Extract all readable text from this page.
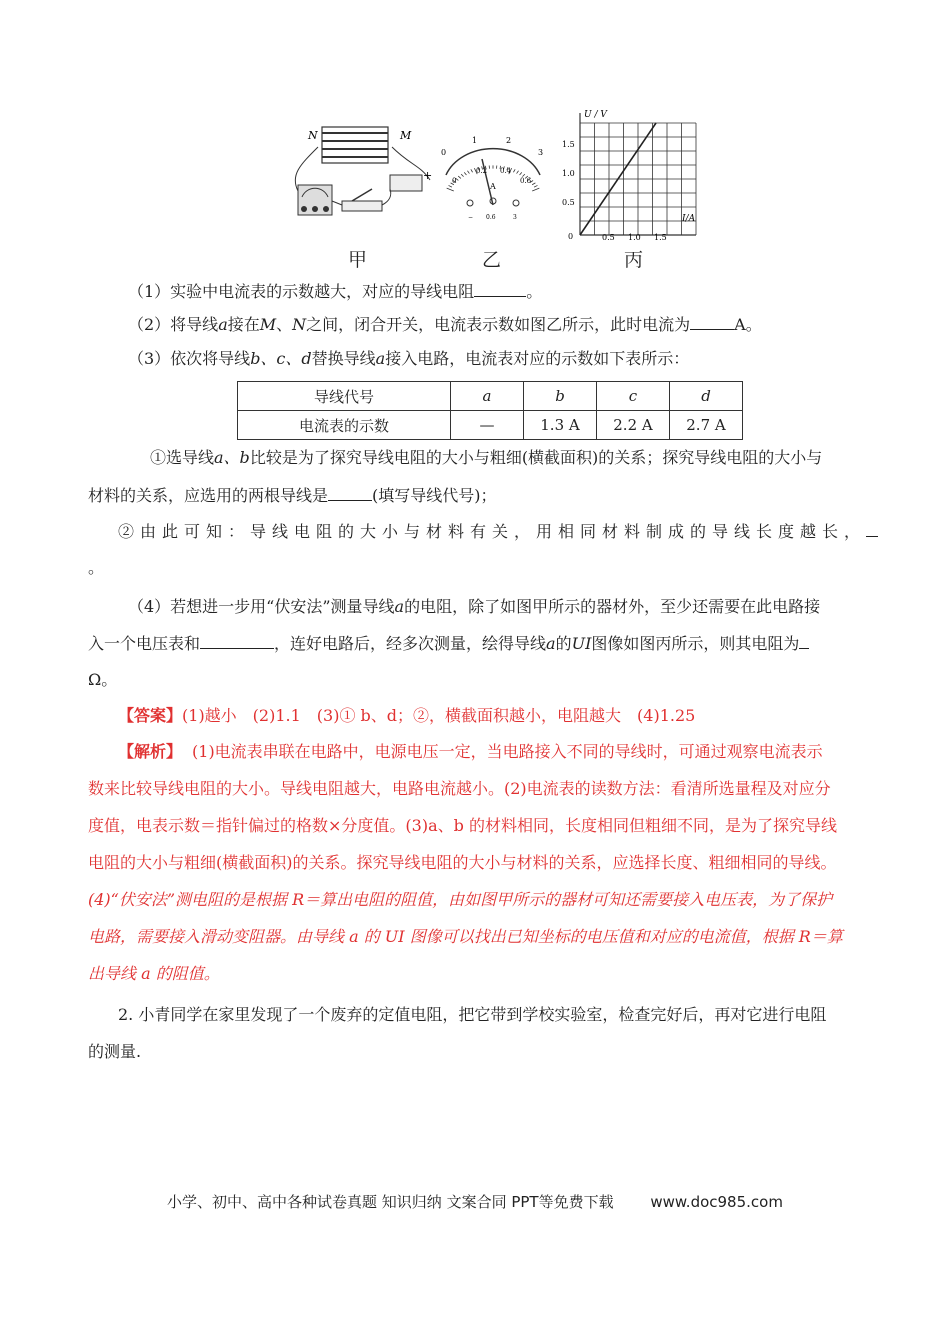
N	M
+
0
1	2
3
0
0.2 0.4
0.6
A
− 0.6	3
U / V
I/A
1.5
1.0
0.5
0	0.5 1.0 1.5
甲	乙	丙
（1）实验中电流表的示数越大，对应的导线电阻	。
（2）将导线a接在M、N之间，闭合开关，电流表示数如图乙所示，此时电流为	A。
（3）依次将导线b、c、d替换导线a接入电路，电流表对应的示数如下表所示：
导线代号	a	b	c	d
电流表的示数	—	1.3 A	2.2 A	2.7 A
①选导线a、b比较是为了探究导线电阻的大小与粗细(横截面积)的关系；探究导线电阻的大小与
材料的关系，应选用的两根导线是	(填写导线代号)；
②由此可知：导线电阻的大小与材料有关，用相同材料制成的导线长度越长，
。
（4）若想进一步用“伏安法”测量导线a的电阻，除了如图甲所示的器材外，至少还需要在此电路接
入一个电压表和	，连好电路后，经多次测量，绘得导线a的UI图像如图丙所示，则其电阻为
Ω。
【答案】(1)越小　(2)1.1　(3)① b、d；②，横截面积越小，电阻越大　(4)1.25
【解析】 (1)电流表串联在电路中，电源电压一定，当电路接入不同的导线时，可通过观察电流表示
数来比较导线电阻的大小。导线电阻越大，电路电流越小。(2)电流表的读数方法：看清所选量程及对应分
度值，电表示数＝指针偏过的格数×分度值。(3)a、b 的材料相同，长度相同但粗细不同，是为了探究导线
电阻的大小与粗细(横截面积)的关系。探究导线电阻的大小与材料的关系，应选择长度、粗细相同的导线。
(4)“伏安法”测电阻的是根据 R＝算出电阻的阻值，由如图甲所示的器材可知还需要接入电压表，为了保护
电路，需要接入滑动变阻器。由导线 a 的 UI 图像可以找出已知坐标的电压值和对应的电流值，根据 R＝算
出导线 a 的阻值。
2. 小青同学在家里发现了一个废弃的定值电阻，把它带到学校实验室，检查完好后，再对它进行电阻
的测量.
小学、初中、高中各种试卷真题 知识归纳 文案合同 PPT等免费下载 www.doc985.com
